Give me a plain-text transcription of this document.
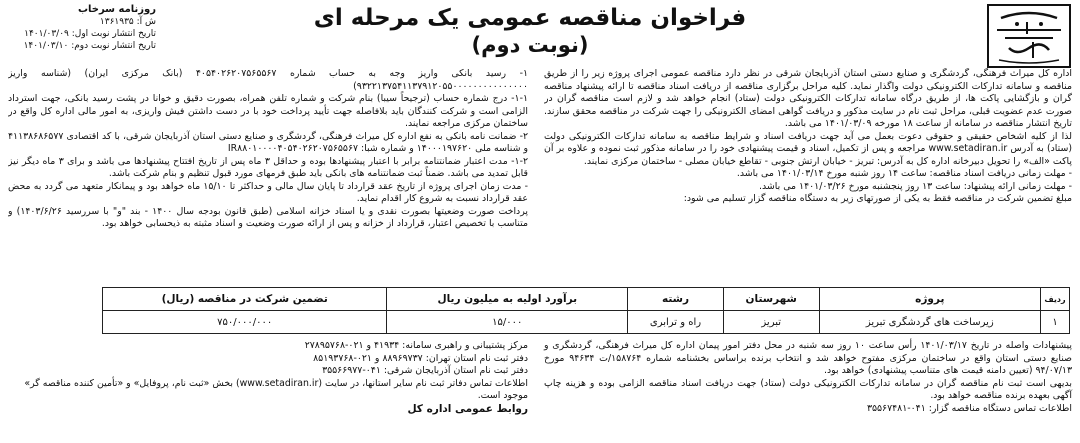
روزنامه سرخاب
ش آ: ۱۳۶۱۹۳۵
تاریخ انتشار نوبت اول: ۱۴۰۱/۰۳/۰۹
تاریخ انتشار نوبت دوم: ۱۴۰۱/۰۳/۱۰
فراخوان مناقصه عمومی یک مرحله ای
(نوبت دوم)

اداره کل میراث فرهنگی، گردشگری و صنایع دستی استان آذربایجان شرقی در نظر دارد مناقصه عمومی اجرای پروژه زیر را از طریق مناقصه و سامانه تدارکات الکترونیکی دولت واگذار نماید. کلیه مراحل برگزاری مناقصه از دریافت اسناد مناقصه تا ارائه پیشنهاد مناقصه گران و بازگشایی پاکت ها، از طریق درگاه سامانه تدارکات الکترونیکی دولت (ستاد) انجام خواهد شد و لازم است مناقصه گران در صورت عدم عضویت قبلی، مراحل ثبت نام در سایت مذکور و دریافت گواهی امضای الکترونیکی را جهت شرکت در مناقصه محقق سازند. تاریخ انتشار مناقصه در سامانه از ساعت ۱۸ مورخه ۱۴۰۱/۰۳/۰۹ می باشد.

لذا از کلیه اشخاص حقیقی و حقوقی دعوت بعمل می آید جهت دریافت اسناد و شرایط مناقصه به سامانه تدارکات الکترونیکی دولت (ستاد) به آدرس www.setadiran.ir مراجعه و پس از تکمیل، اسناد و قیمت پیشنهادی خود را در سامانه مذکور ثبت نموده و علاوه بر آن پاکت «الف» را تحویل دبیرخانه اداره کل به آدرس: تبریز - خیابان ارتش جنوبی - تقاطع خیابان مصلی - ساختمان مرکزی نمایند.

- مهلت زمانی دریافت اسناد مناقصه: ساعت ۱۴ روز شنبه مورخ ۱۴۰۱/۰۳/۱۴ می باشد.

- مهلت زمانی ارائه پیشنهاد: ساعت ۱۳ روز پنجشنبه مورخ ۱۴۰۱/۰۳/۲۶ می باشد.

مبلغ تضمین شرکت در مناقصه فقط به یکی از صورتهای زیر به دستگاه مناقصه گزار تسلیم می شود:

۱- رسید بانکی واریز وجه به حساب شماره ۴۰۵۴۰۲۶۲۰۷۵۶۵۵۶۷ (بانک مرکزی ایران) (شناسه واریز ۹۳۲۲۱۳۷۵۴۱۱۳۷۹۱۲۰۵۵۰۰۰۰۰۰۰۰۰۰۰۰۰۰۰)

۱-۱- درج شماره حساب (ترجیحاً سیبا) بنام شرکت و شماره تلفن همراه، بصورت دقیق و خوانا در پشت رسید بانکی، جهت استرداد الزامی است و شرکت کنندگان باید بلافاصله جهت تأیید پرداخت خود با در دست داشتن فیش واریزی، به امور مالی اداره کل واقع در ساختمان مرکزی مراجعه نمایند.

۲- ضمانت نامه بانکی به نفع اداره کل میراث فرهنگی، گردشگری و صنایع دستی استان آذربایجان شرقی، با کد اقتصادی ۴۱۱۳۸۶۸۶۵۷۷ و شناسه ملی ۱۴۰۰۰۱۹۷۶۲۰ و شماره شبا: IR۸۸۰۱۰۰۰۰۴۰۵۴۰۲۶۲۰۷۵۶۵۵۶۷

۱-۲- مدت اعتبار ضمانتنامه برابر با اعتبار پیشنهادها بوده و حداقل ۳ ماه پس از تاریخ افتتاح پیشنهادها می باشد و برای ۳ ماه دیگر نیز قابل تمدید می باشد. ضمناً ثبت ضمانتنامه های بانکی باید طبق فرمهای مورد قبول تنظیم و بنام شرکت باشد.

- مدت زمان اجرای پروژه از تاریخ عقد قرارداد تا پایان سال مالی و حداکثر تا ۱۵/۱۰ ماه خواهد بود و پیمانکار متعهد می گردد به محض عقد قرارداد نسبت به شروع کار اقدام نماید.

پرداخت صورت وضعیتها بصورت نقدی و یا اسناد خزانه اسلامی (طبق قانون بودجه سال ۱۴۰۰ - بند "و" با سررسید ۱۴۰۳/۶/۲۶) و متناسب با تخصیص اعتبار، قرارداد از خزانه و پس از ارائه صورت وضعیت و اسناد مثبته به ذیحسابی خواهد بود.

ردیف	پروژه	شهرستان	رشته	برآورد اولیه به میلیون ریال	تضمین شرکت در مناقصه (ریال)
۱	زیرساخت های گردشگری تبریز	تبریز	راه و ترابری	۱۵/۰۰۰	۷۵۰/۰۰۰/۰۰۰

پیشنهادات واصله در تاریخ ۱۴۰۱/۰۳/۱۷ رأس ساعت ۱۰ روز سه شنبه در محل دفتر امور پیمان اداره کل میراث فرهنگی، گردشگری و صنایع دستی استان واقع در ساختمان مرکزی مفتوح خواهد شد و انتخاب برنده براساس بخشنامه شماره ۱۵۸۷۶۴/ت ۹۴۶۳۴ مورخ ۹۴/۰۷/۱۳ (تعیین دامنه قیمت های متناسب پیشنهادی) خواهد بود.

بدیهی است ثبت نام مناقصه گران در سامانه تدارکات الکترونیکی دولت (ستاد) جهت دریافت اسناد مناقصه الزامی بوده و هزینه چاپ آگهی بعهده برنده مناقصه خواهد بود.

اطلاعات تماس دستگاه مناقصه گزار: ۰۴۱-۳۵۵۶۷۴۸۱

مرکز پشتیبانی و راهبری سامانه: ۴۱۹۳۴ و ۰۲۱-۲۷۸۹۵۷۶۸

دفتر ثبت نام استان تهران: ۸۸۹۶۹۷۳۷ و ۰۲۱-۸۵۱۹۳۷۶۸

دفتر ثبت نام استان آذربایجان شرقی: ۰۴۱-۳۵۵۶۶۹۷۷

اطلاعات تماس دفاتر ثبت نام سایر استانها، در سایت (www.setadiran.ir) بخش «ثبت نام، پروفایل» و «تأمین کننده مناقصه گر» موجود است.

روابط عمومی اداره کل
